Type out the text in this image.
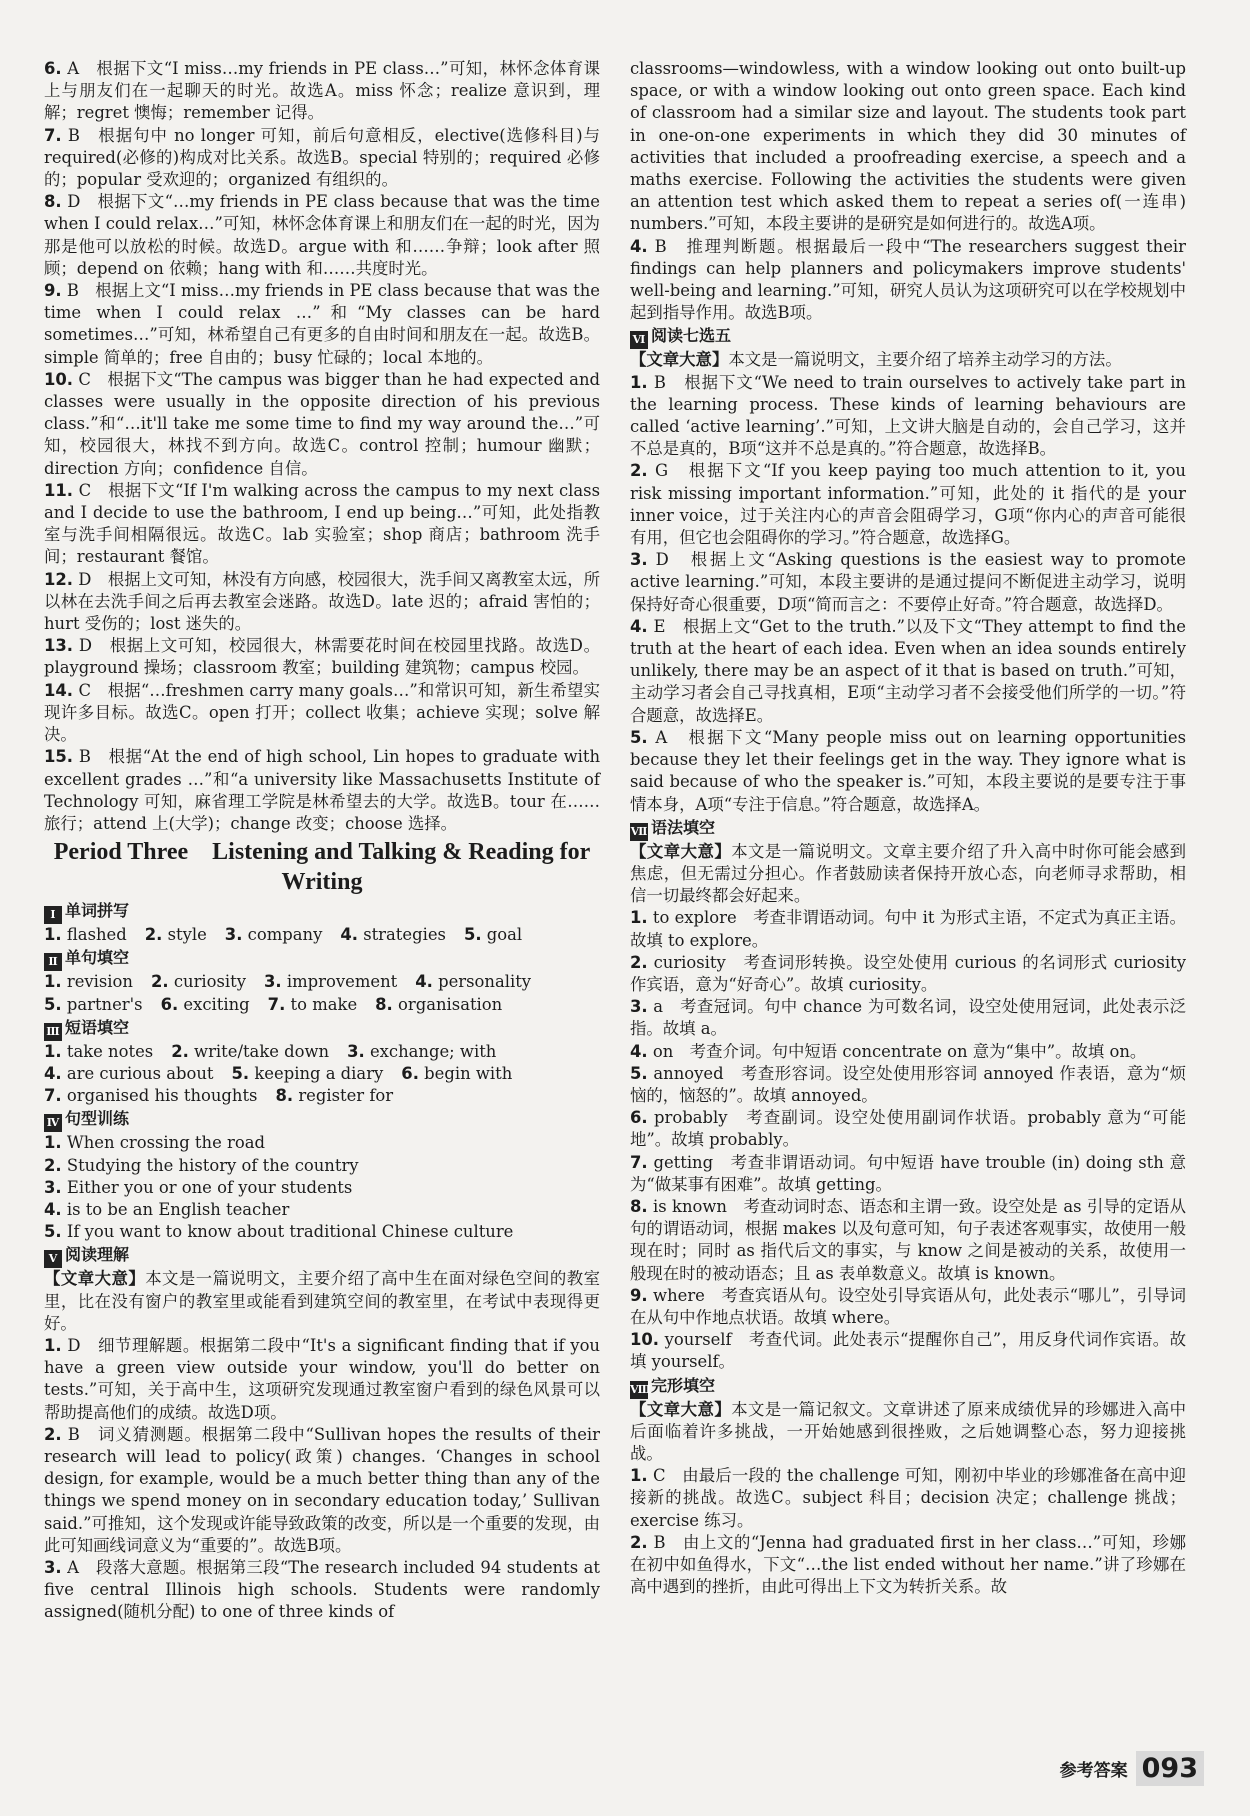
6. A　根据下文“I miss…my friends in PE class…”可知，林怀念体育课上与朋友们在一起聊天的时光。故选A。miss 怀念；realize 意识到，理解；regret 懊悔；remember 记得。

7. B　根据句中 no longer 可知，前后句意相反，elective(选修科目)与 required(必修的)构成对比关系。故选B。special 特别的；required 必修的；popular 受欢迎的；organized 有组织的。

8. D　根据下文“…my friends in PE class because that was the time when I could relax…”可知，林怀念体育课上和朋友们在一起的时光，因为那是他可以放松的时候。故选D。argue with 和……争辩；look after 照顾；depend on 依赖；hang with 和……共度时光。

9. B　根据上文“I miss…my friends in PE class because that was the time when I could relax …”和“My classes can be hard sometimes…”可知，林希望自己有更多的自由时间和朋友在一起。故选B。simple 简单的；free 自由的；busy 忙碌的；local 本地的。

10. C　根据下文“The campus was bigger than he had expected and classes were usually in the opposite direction of his previous class.”和“…it'll take me some time to find my way around the…”可知，校园很大，林找不到方向。故选C。control 控制；humour 幽默；direction 方向；confidence 自信。

11. C　根据下文“If I'm walking across the campus to my next class and I decide to use the bathroom, I end up being…”可知，此处指教室与洗手间相隔很远。故选C。lab 实验室；shop 商店；bathroom 洗手间；restaurant 餐馆。

12. D　根据上文可知，林没有方向感，校园很大，洗手间又离教室太远，所以林在去洗手间之后再去教室会迷路。故选D。late 迟的；afraid 害怕的；hurt 受伤的；lost 迷失的。

13. D　根据上文可知，校园很大，林需要花时间在校园里找路。故选D。playground 操场；classroom 教室；building 建筑物；campus 校园。

14. C　根据“…freshmen carry many goals…”和常识可知，新生希望实现许多目标。故选C。open 打开；collect 收集；achieve 实现；solve 解决。

15. B　根据“At the end of high school, Lin hopes to graduate with excellent grades …”和“a university like Massachusetts Institute of Technology 可知，麻省理工学院是林希望去的大学。故选B。tour 在……旅行；attend 上(大学)；change 改变；choose 选择。

Period Three　Listening and Talking & Reading for Writing

Ⅰ 单词拼写

1. flashed 2. style 3. company 4. strategies 5. goal

Ⅱ 单句填空

1. revision 2. curiosity 3. improvement 4. personality
5. partner's 6. exciting 7. to make 8. organisation

Ⅲ 短语填空

1. take notes 2. write/take down 3. exchange; with
4. are curious about 5. keeping a diary 6. begin with
7. organised his thoughts 8. register for

Ⅳ 句型训练

1. When crossing the road

2. Studying the history of the country

3. Either you or one of your students

4. is to be an English teacher

5. If you want to know about traditional Chinese culture

Ⅴ 阅读理解

【文章大意】本文是一篇说明文，主要介绍了高中生在面对绿色空间的教室里，比在没有窗户的教室里或能看到建筑空间的教室里，在考试中表现得更好。

1. D　细节理解题。根据第二段中“It's a significant finding that if you have a green view outside your window, you'll do better on tests.”可知，关于高中生，这项研究发现通过教室窗户看到的绿色风景可以帮助提高他们的成绩。故选D项。

2. B　词义猜测题。根据第二段中“Sullivan hopes the results of their research will lead to policy(政策) changes. ‘Changes in school design, for example, would be a much better thing than any of the things we spend money on in secondary education today,’ Sullivan said.”可推知，这个发现或许能导致政策的改变，所以是一个重要的发现，由此可知画线词意义为“重要的”。故选B项。

3. A　段落大意题。根据第三段“The research included 94 students at five central Illinois high schools. Students were randomly assigned(随机分配) to one of three kinds of

classrooms—windowless, with a window looking out onto built-up space, or with a window looking out onto green space. Each kind of classroom had a similar size and layout. The students took part in one-on-one experiments in which they did 30 minutes of activities that included a proofreading exercise, a speech and a maths exercise. Following the activities the students were given an attention test which asked them to repeat a series of(一连串) numbers.”可知，本段主要讲的是研究是如何进行的。故选A项。

4. B　推理判断题。根据最后一段中“The researchers suggest their findings can help planners and policymakers improve students' well-being and learning.”可知，研究人员认为这项研究可以在学校规划中起到指导作用。故选B项。

Ⅵ 阅读七选五

【文章大意】本文是一篇说明文，主要介绍了培养主动学习的方法。

1. B　根据下文“We need to train ourselves to actively take part in the learning process. These kinds of learning behaviours are called ‘active learning’.”可知，上文讲大脑是自动的，会自己学习，这并不总是真的，B项“这并不总是真的。”符合题意，故选择B。

2. G　根据下文“If you keep paying too much attention to it, you risk missing important information.”可知，此处的 it 指代的是 your inner voice，过于关注内心的声音会阻碍学习，G项“你内心的声音可能很有用，但它也会阻碍你的学习。”符合题意，故选择G。

3. D　根据上文“Asking questions is the easiest way to promote active learning.”可知，本段主要讲的是通过提问不断促进主动学习，说明保持好奇心很重要，D项“简而言之：不要停止好奇。”符合题意，故选择D。

4. E　根据上文“Get to the truth.”以及下文“They attempt to find the truth at the heart of each idea. Even when an idea sounds entirely unlikely, there may be an aspect of it that is based on truth.”可知，主动学习者会自己寻找真相，E项“主动学习者不会接受他们所学的一切。”符合题意，故选择E。

5. A　根据下文“Many people miss out on learning opportunities because they let their feelings get in the way. They ignore what is said because of who the speaker is.”可知，本段主要说的是要专注于事情本身，A项“专注于信息。”符合题意，故选择A。

Ⅶ 语法填空

【文章大意】本文是一篇说明文。文章主要介绍了升入高中时你可能会感到焦虑，但无需过分担心。作者鼓励读者保持开放心态，向老师寻求帮助，相信一切最终都会好起来。

1. to explore　考查非谓语动词。句中 it 为形式主语，不定式为真正主语。故填 to explore。

2. curiosity　考查词形转换。设空处使用 curious 的名词形式 curiosity 作宾语，意为“好奇心”。故填 curiosity。

3. a　考查冠词。句中 chance 为可数名词，设空处使用冠词，此处表示泛指。故填 a。

4. on　考查介词。句中短语 concentrate on 意为“集中”。故填 on。

5. annoyed　考查形容词。设空处使用形容词 annoyed 作表语，意为“烦恼的，恼怒的”。故填 annoyed。

6. probably　考查副词。设空处使用副词作状语。probably 意为“可能地”。故填 probably。

7. getting　考查非谓语动词。句中短语 have trouble (in) doing sth 意为“做某事有困难”。故填 getting。

8. is known　考查动词时态、语态和主谓一致。设空处是 as 引导的定语从句的谓语动词，根据 makes 以及句意可知，句子表述客观事实，故使用一般现在时；同时 as 指代后文的事实，与 know 之间是被动的关系，故使用一般现在时的被动语态；且 as 表单数意义。故填 is known。

9. where　考查宾语从句。设空处引导宾语从句，此处表示“哪儿”，引导词在从句中作地点状语。故填 where。

10. yourself　考查代词。此处表示“提醒你自己”，用反身代词作宾语。故填 yourself。

Ⅷ完形填空

【文章大意】本文是一篇记叙文。文章讲述了原来成绩优异的珍娜进入高中后面临着许多挑战，一开始她感到很挫败，之后她调整心态，努力迎接挑战。

1. C　由最后一段的 the challenge 可知，刚初中毕业的珍娜准备在高中迎接新的挑战。故选C。subject 科目；decision 决定；challenge 挑战；exercise 练习。

2. B　由上文的“Jenna had graduated first in her class…”可知，珍娜在初中如鱼得水，下文“…the list ended without her name.”讲了珍娜在高中遇到的挫折，由此可得出上下文为转折关系。故

参考答案 093
